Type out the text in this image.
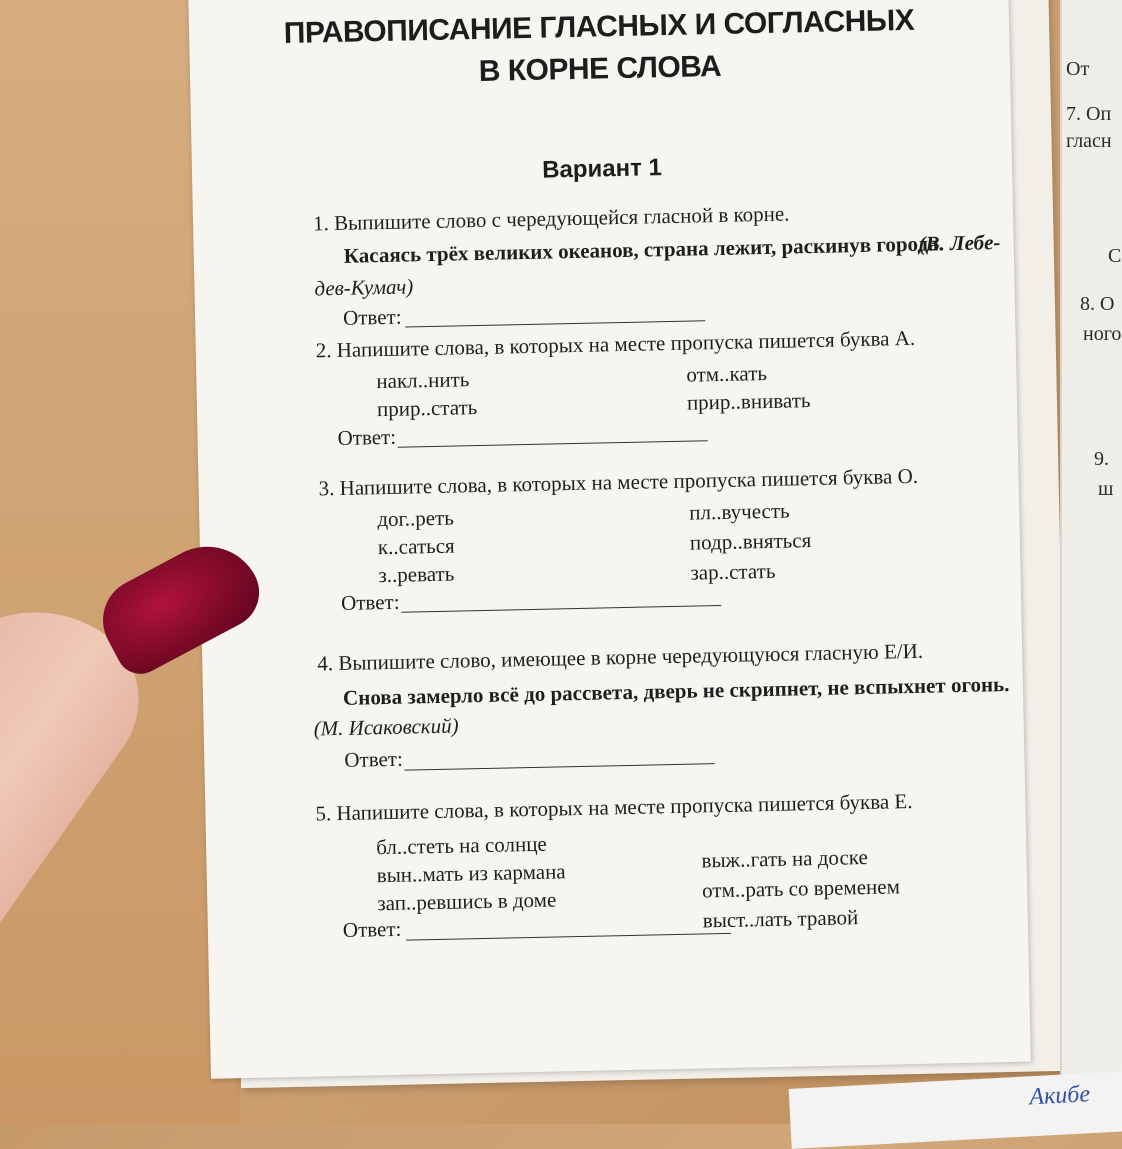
ПРАВОПИСАНИЕ ГЛАСНЫХ И СОГЛАСНЫХ
В КОРНЕ СЛОВА
Вариант 1
1. Выпишите слово с чередующейся гласной в корне.
Касаясь трёх великих океанов, страна лежит, раскинув города.
(В. Лебе-
дев-Кумач)
Ответ:
2. Напишите слова, в которых на месте пропуска пишется буква А.
накл..нить
прир..стать
отм..кать
прир..внивать
Ответ:
3. Напишите слова, в которых на месте пропуска пишется буква О.
дог..реть
к..саться
з..ревать
пл..вучесть
подр..вняться
зар..стать
Ответ:
4. Выпишите слово, имеющее в корне чередующуюся гласную Е/И.
Снова замерло всё до рассвета, дверь не скрипнет, не вспыхнет огонь.
(М. Исаковский)
Ответ:
5. Напишите слова, в которых на месте пропуска пишется буква Е.
бл..стеть на солнце
вын..мать из кармана
зап..ревшись в доме
выж..гать на доске
отм..рать со временем
выст..лать травой
Ответ:
От
7. Оп
гласн
С
8. О
ного
9.
ш
Акибе
